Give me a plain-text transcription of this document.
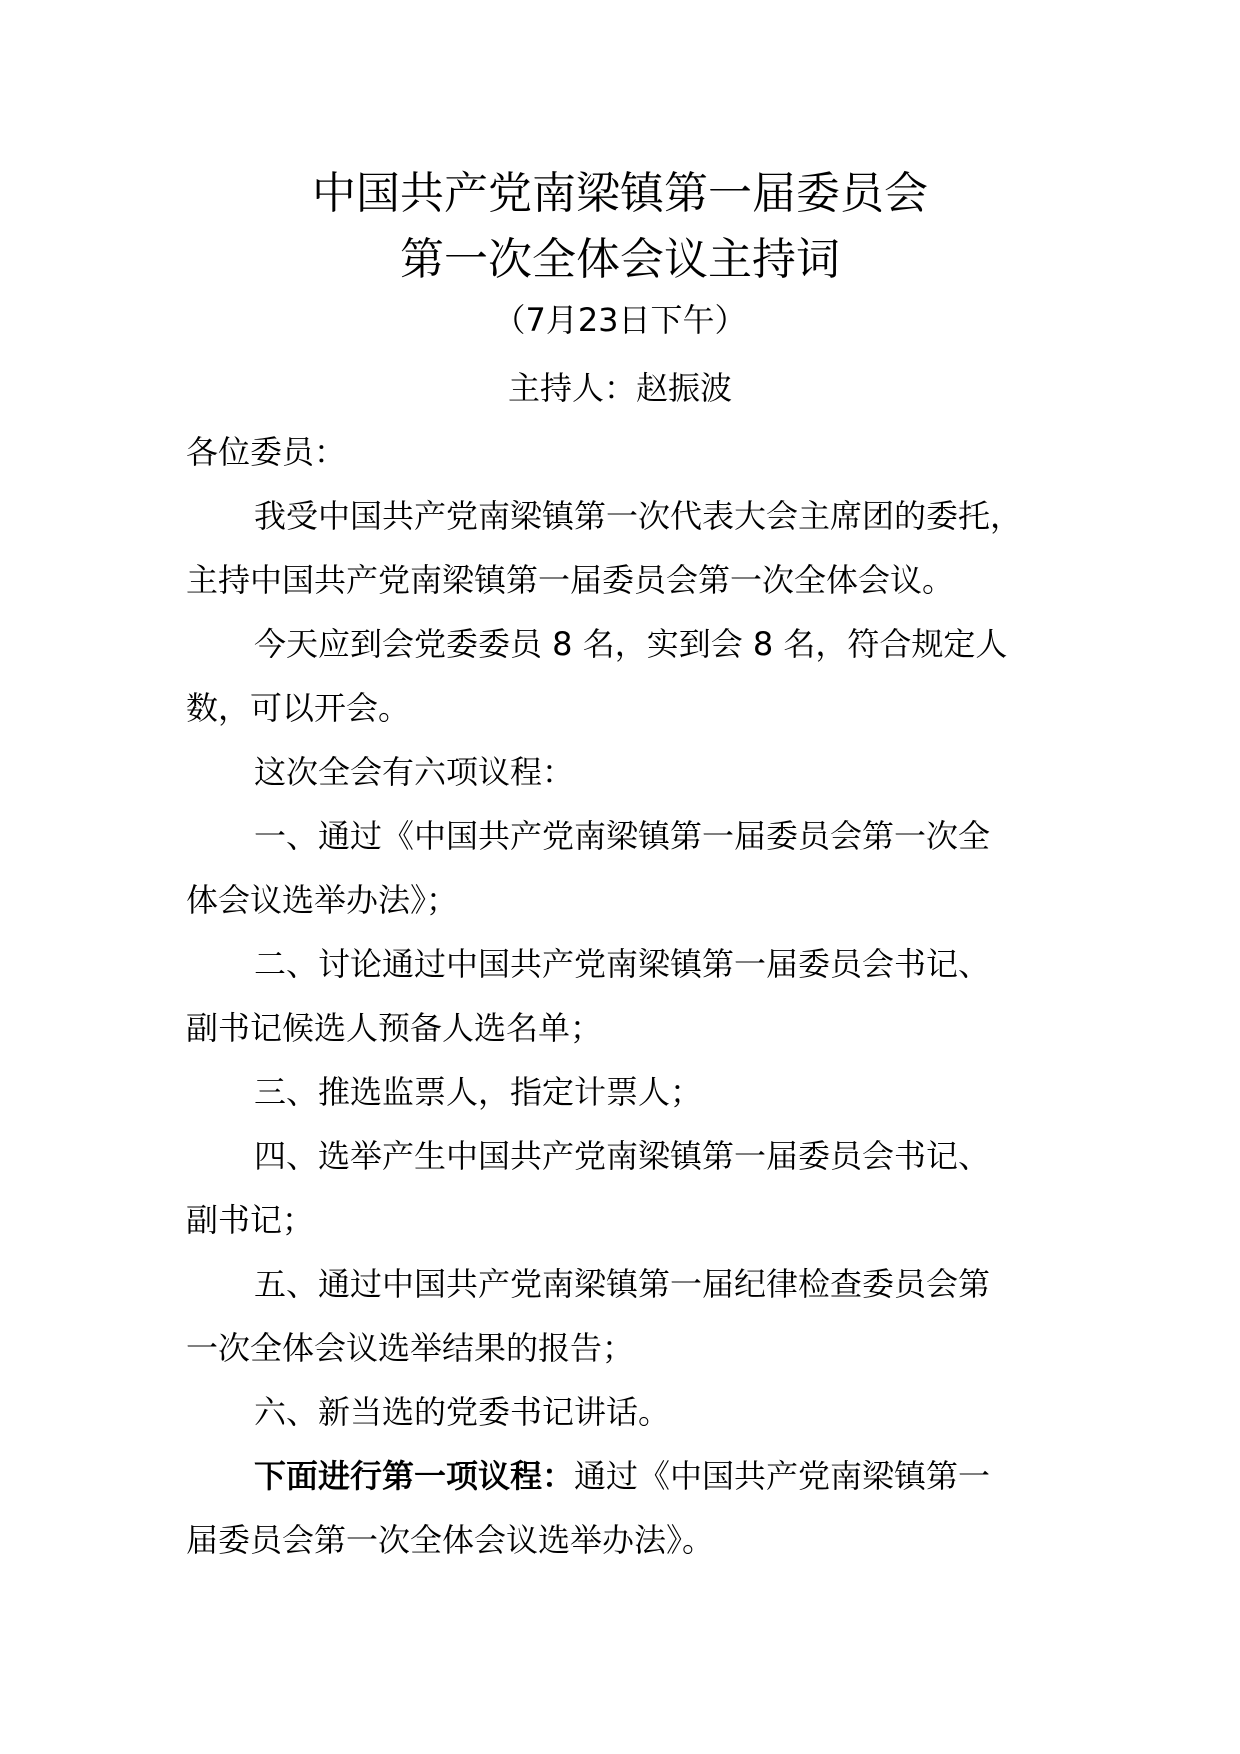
中国共产党南梁镇第一届委员会
第一次全体会议主持词
（7月23日下午）
主持人：赵振波
各位委员：
我受中国共产党南梁镇第一次代表大会主席团的委托，
主持中国共产党南梁镇第一届委员会第一次全体会议。
今天应到会党委委员 8 名，实到会 8 名，符合规定人
数，可以开会。
这次全会有六项议程：
一、通过《中国共产党南梁镇第一届委员会第一次全
体会议选举办法》；
二、讨论通过中国共产党南梁镇第一届委员会书记、
副书记候选人预备人选名单；
三、推选监票人，指定计票人；
四、选举产生中国共产党南梁镇第一届委员会书记、
副书记；
五、通过中国共产党南梁镇第一届纪律检查委员会第
一次全体会议选举结果的报告；
六、新当选的党委书记讲话。
下面进行第一项议程：通过《中国共产党南梁镇第一
届委员会第一次全体会议选举办法》。
